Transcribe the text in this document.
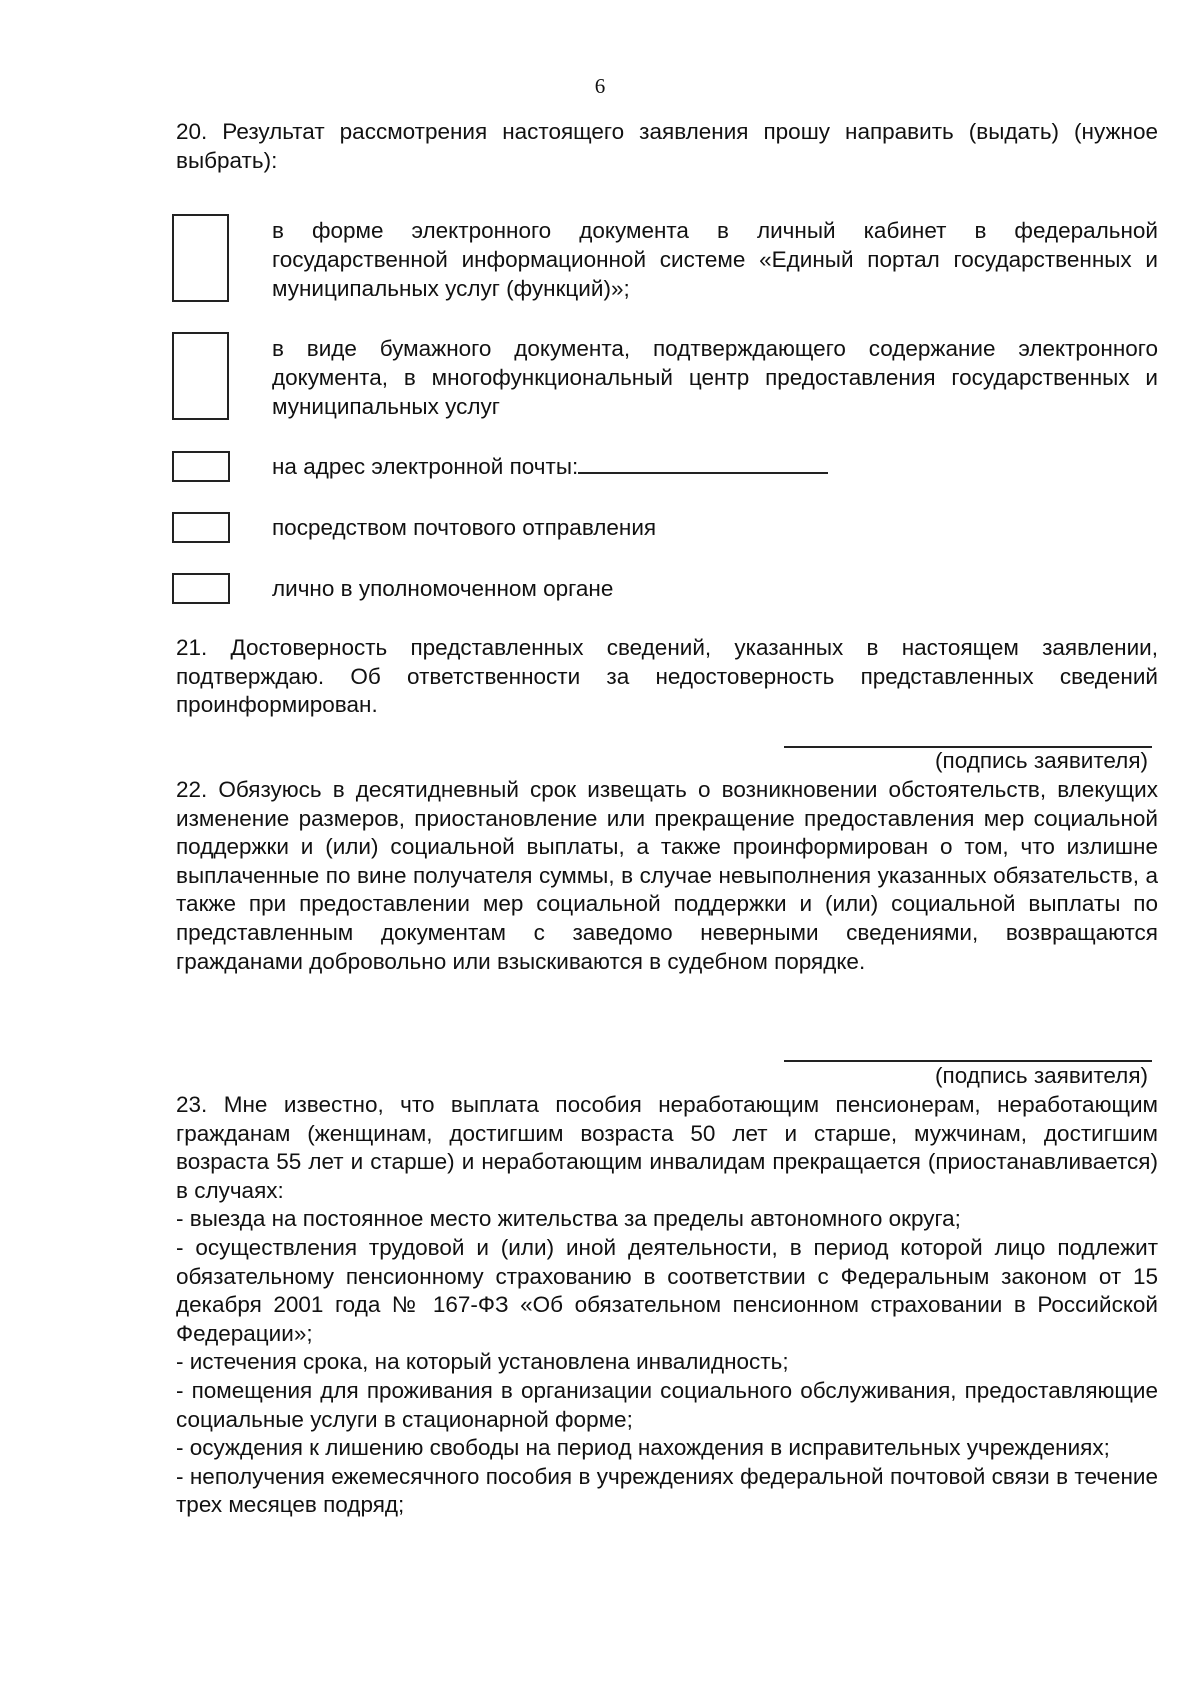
6
20. Результат рассмотрения настоящего заявления прошу направить (выдать) (нужное выбрать):
в форме электронного документа в личный кабинет в федеральной государственной информационной системе «Единый портал государственных и муниципальных услуг (функций)»;
в виде бумажного документа, подтверждающего содержание электронного документа, в многофункциональный центр предоставления государственных и муниципальных услуг
на адрес электронной почты:
посредством почтового отправления
лично в уполномоченном органе
21. Достоверность представленных сведений, указанных в настоящем заявлении, подтверждаю. Об ответственности за недостоверность представленных сведений проинформирован.
(подпись заявителя)
22. Обязуюсь в десятидневный срок извещать о возникновении обстоятельств, влекущих изменение размеров, приостановление или прекращение предоставления мер социальной поддержки и (или) социальной выплаты, а также проинформирован о том, что излишне выплаченные по вине получателя суммы, в случае невыполнения указанных обязательств, а также при предоставлении мер социальной поддержки и (или) социальной выплаты по представленным документам с заведомо неверными сведениями, возвращаются гражданами добровольно или взыскиваются в судебном порядке.
(подпись заявителя)

23. Мне известно, что выплата пособия неработающим пенсионерам, неработающим гражданам (женщинам, достигшим возраста 50 лет и старше, мужчинам, достигшим возраста 55 лет и старше) и неработающим инвалидам прекращается (приостанавливается) в случаях:

- выезда на постоянное место жительства за пределы автономного округа;

- осуществления трудовой и (или) иной деятельности, в период которой лицо подлежит обязательному пенсионному страхованию в соответствии с Федеральным законом от 15 декабря 2001 года № 167-ФЗ «Об обязательном пенсионном страховании в Российской Федерации»;

- истечения срока, на который установлена инвалидность;

- помещения для проживания в организации социального обслуживания, предоставляющие социальные услуги в стационарной форме;

- осуждения к лишению свободы на период нахождения в исправительных учреждениях;

- неполучения ежемесячного пособия в учреждениях федеральной почтовой связи в течение трех месяцев подряд;
